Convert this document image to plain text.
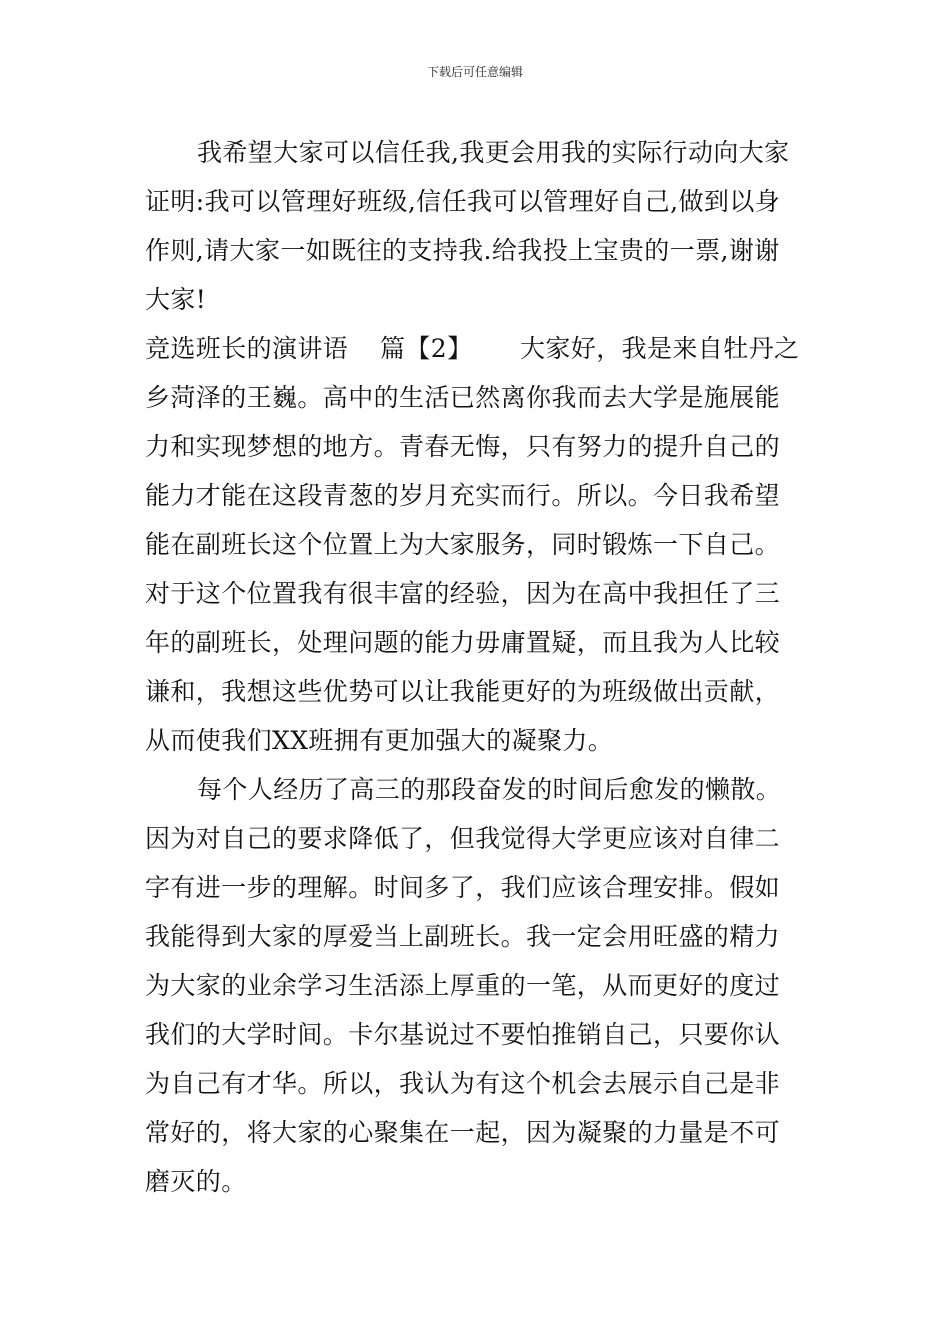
下载后可任意编辑
我希望大家可以信任我,我更会用我的实际行动向大家
证明:我可以管理好班级,信任我可以管理好自己,做到以身
作则,请大家一如既往的支持我.给我投上宝贵的一票,谢谢
大家!
竞选班长的演讲语 篇【2】 大家好，我是来自牡丹之
乡菏泽的王巍。高中的生活已然离你我而去大学是施展能
力和实现梦想的地方。青春无悔，只有努力的提升自己的
能力才能在这段青葱的岁月充实而行。所以。今日我希望
能在副班长这个位置上为大家服务，同时锻炼一下自己。
对于这个位置我有很丰富的经验，因为在高中我担任了三
年的副班长，处理问题的能力毋庸置疑，而且我为人比较
谦和，我想这些优势可以让我能更好的为班级做出贡献，
从而使我们XX班拥有更加强大的凝聚力。
每个人经历了高三的那段奋发的时间后愈发的懒散。
因为对自己的要求降低了，但我觉得大学更应该对自律二
字有进一步的理解。时间多了，我们应该合理安排。假如
我能得到大家的厚爱当上副班长。我一定会用旺盛的精力
为大家的业余学习生活添上厚重的一笔，从而更好的度过
我们的大学时间。卡尔基说过不要怕推销自己，只要你认
为自己有才华。所以，我认为有这个机会去展示自己是非
常好的，将大家的心聚集在一起，因为凝聚的力量是不可
磨灭的。
